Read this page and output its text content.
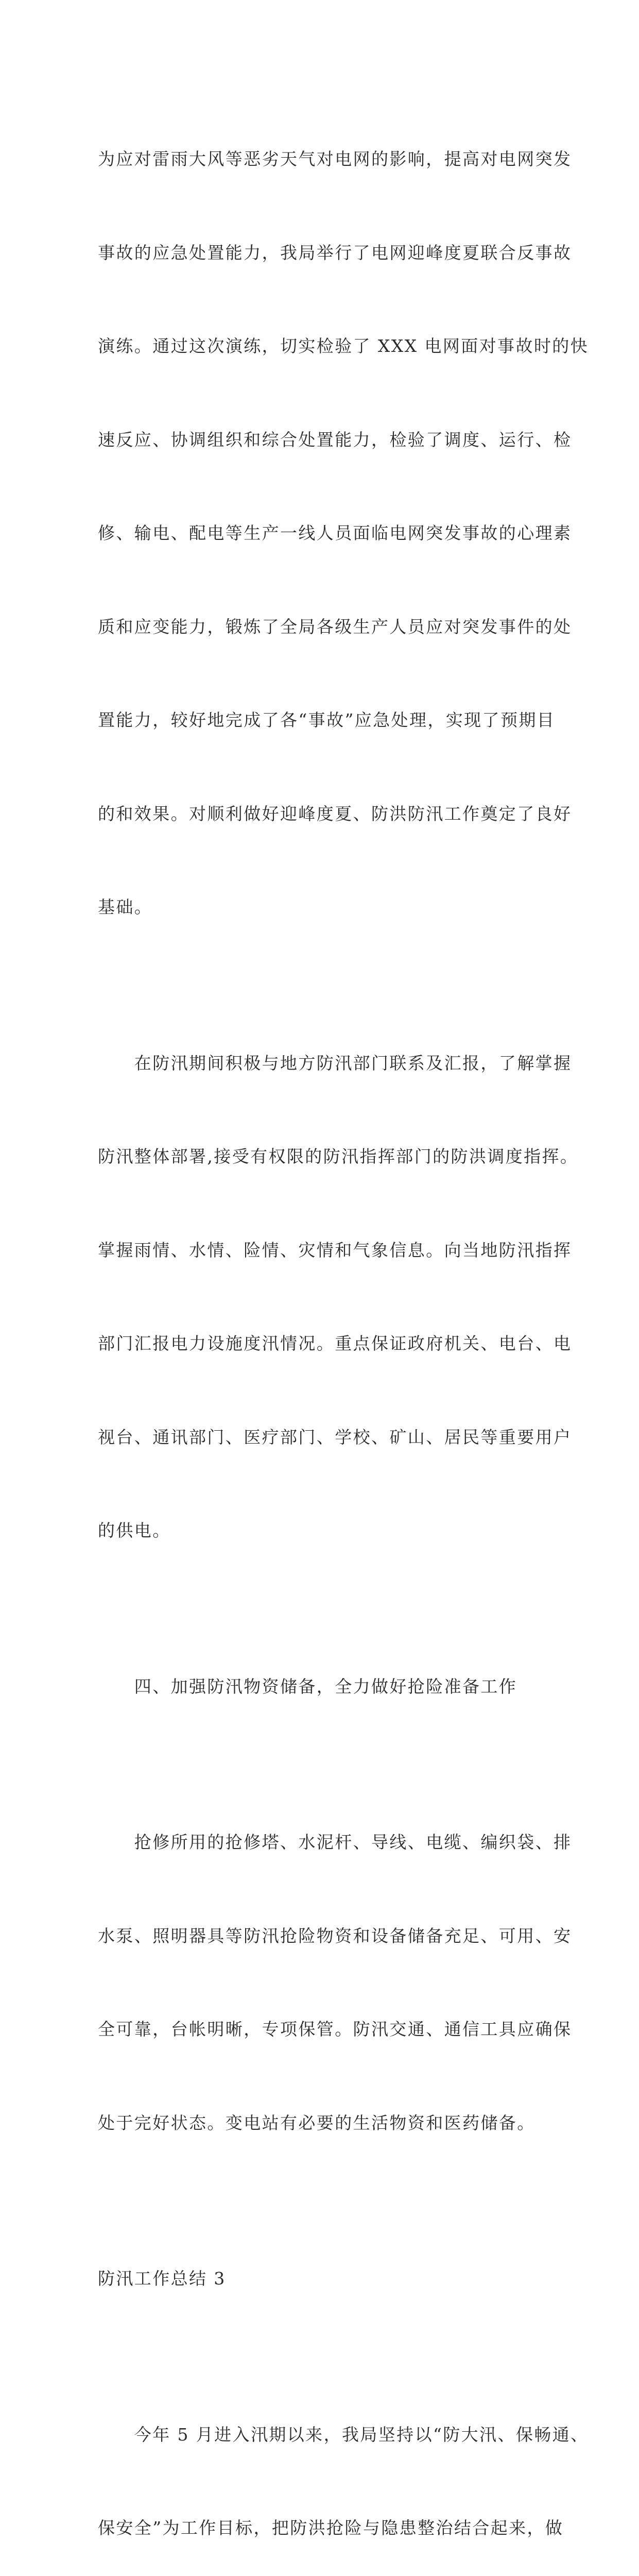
为应对雷雨大风等恶劣天气对电网的影响，提高对电网突发

事故的应急处置能力，我局举行了电网迎峰度夏联合反事故

演练。通过这次演练，切实检验了 XXX 电网面对事故时的快

速反应、协调组织和综合处置能力，检验了调度、运行、检

修、输电、配电等生产一线人员面临电网突发事故的心理素

质和应变能力，锻炼了全局各级生产人员应对突发事件的处

置能力，较好地完成了各“事故”应急处理，实现了预期目

的和效果。对顺利做好迎峰度夏、防洪防汛工作奠定了良好

基础。

　　在防汛期间积极与地方防汛部门联系及汇报，了解掌握

防汛整体部署,接受有权限的防汛指挥部门的防洪调度指挥。

掌握雨情、水情、险情、灾情和气象信息。向当地防汛指挥

部门汇报电力设施度汛情况。重点保证政府机关、电台、电

视台、通讯部门、医疗部门、学校、矿山、居民等重要用户

的供电。

　　四、加强防汛物资储备，全力做好抢险准备工作

　　抢修所用的抢修塔、水泥杆、导线、电缆、编织袋、排

水泵、照明器具等防汛抢险物资和设备储备充足、可用、安

全可靠，台帐明晰，专项保管。防汛交通、通信工具应确保

处于完好状态。变电站有必要的生活物资和医药储备。

防汛工作总结 3

　　今年 5 月进入汛期以来，我局坚持以“防大汛、保畅通、

保安全”为工作目标，把防洪抢险与隐患整治结合起来，做
